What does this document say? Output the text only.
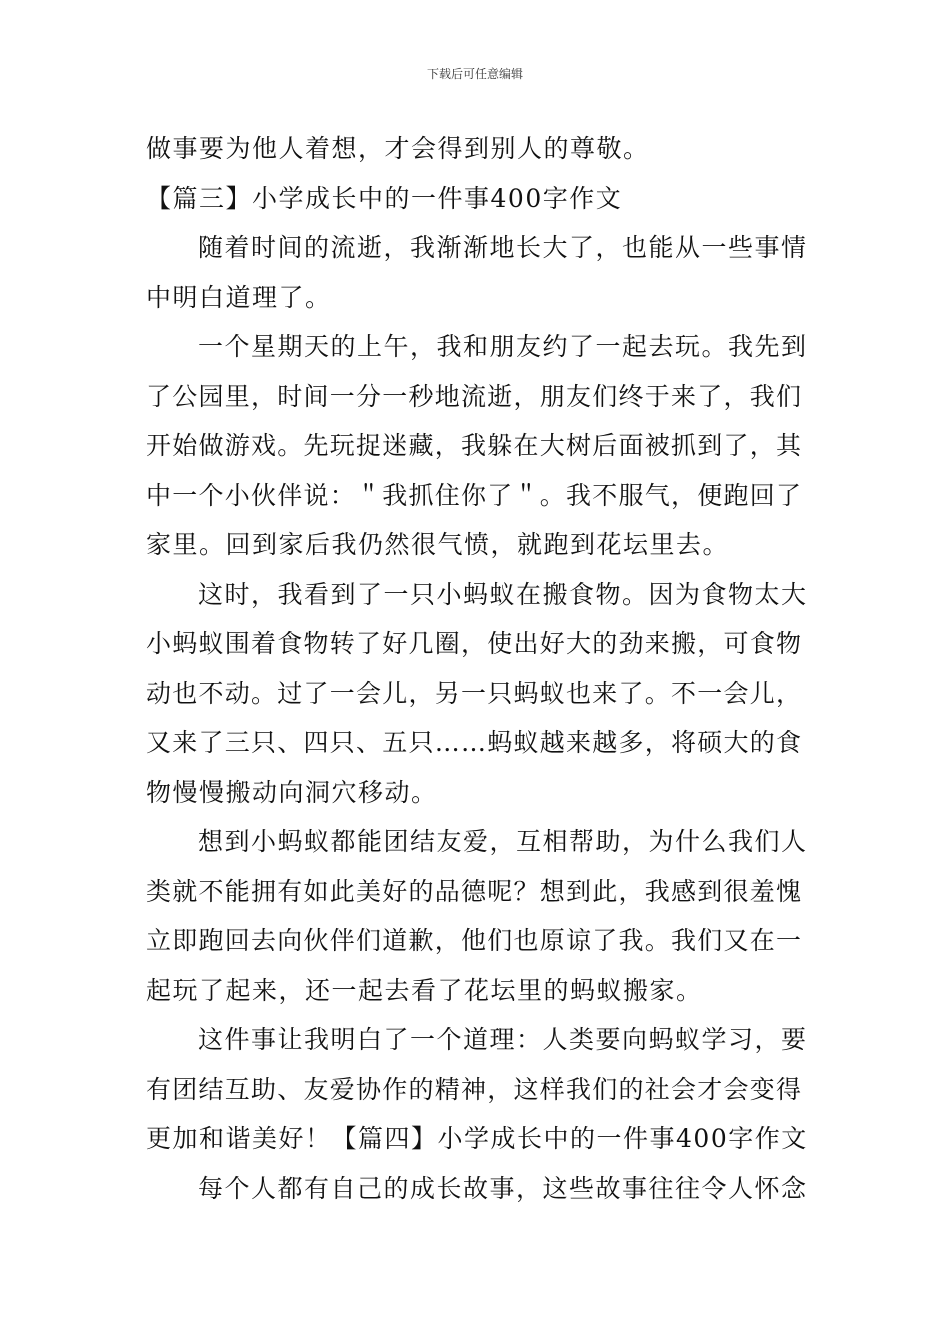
下载后可任意编辑
做事要为他人着想，才会得到别人的尊敬。
【篇三】小学成长中的一件事400字作文
随着时间的流逝，我渐渐地长大了，也能从一些事情
中明白道理了。
一个星期天的上午，我和朋友约了一起去玩。我先到
了公园里，时间一分一秒地流逝，朋友们终于来了，我们
开始做游戏。先玩捉迷藏，我躲在大树后面被抓到了，其
中一个小伙伴说：＂我抓住你了＂。我不服气，便跑回了
家里。回到家后我仍然很气愤，就跑到花坛里去。
这时，我看到了一只小蚂蚁在搬食物。因为食物太大
小蚂蚁围着食物转了好几圈，使出好大的劲来搬，可食物
动也不动。过了一会儿，另一只蚂蚁也来了。不一会儿，
又来了三只、四只、五只……蚂蚁越来越多，将硕大的食
物慢慢搬动向洞穴移动。
想到小蚂蚁都能团结友爱，互相帮助，为什么我们人
类就不能拥有如此美好的品德呢？想到此，我感到很羞愧
立即跑回去向伙伴们道歉，他们也原谅了我。我们又在一
起玩了起来，还一起去看了花坛里的蚂蚁搬家。
这件事让我明白了一个道理：人类要向蚂蚁学习，要
有团结互助、友爱协作的精神，这样我们的社会才会变得
更加和谐美好！【篇四】小学成长中的一件事400字作文
每个人都有自己的成长故事，这些故事往往令人怀念
